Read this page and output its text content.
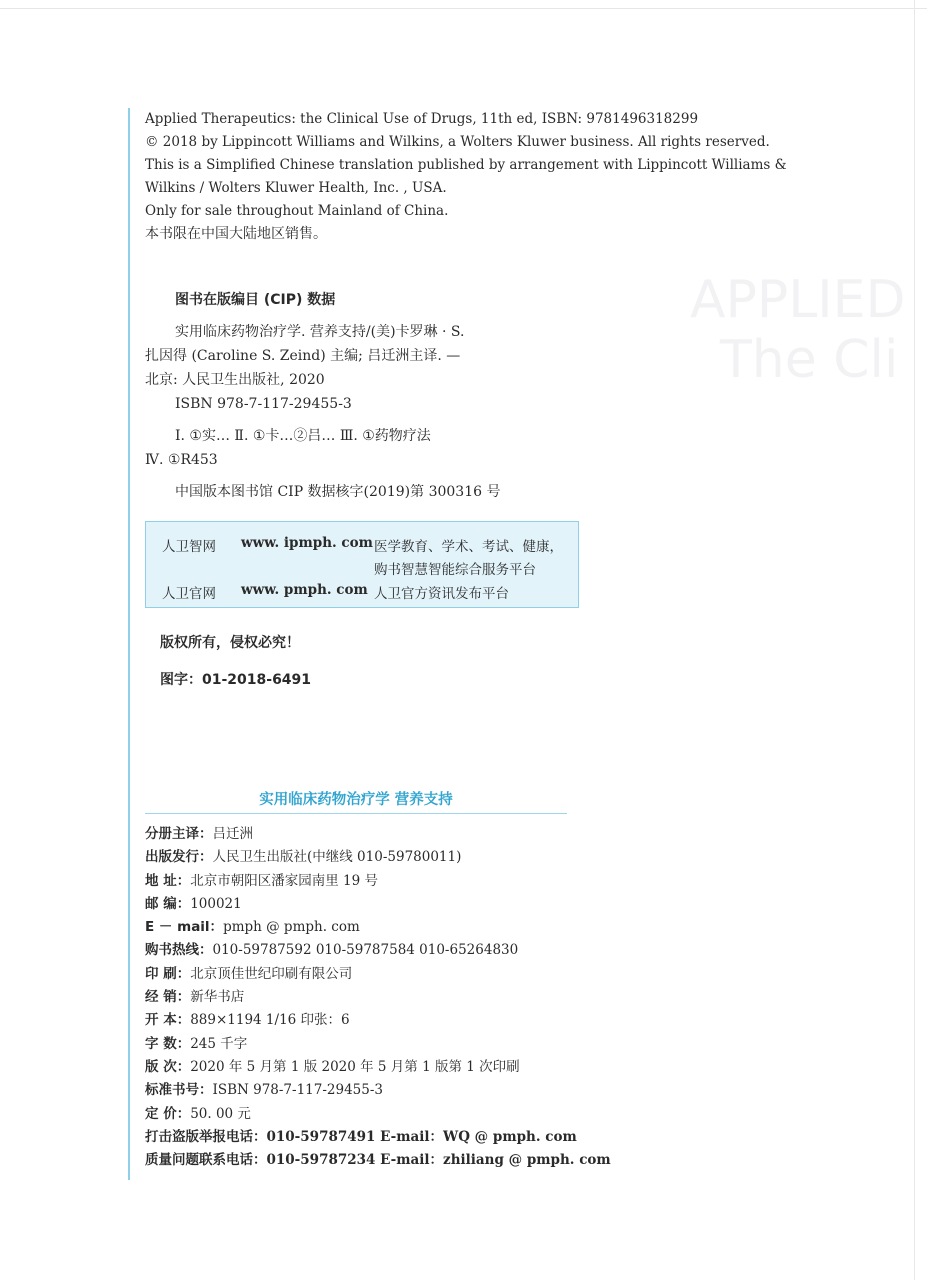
APPLIED
The Cli
Applied Therapeutics: the Clinical Use of Drugs, 11th ed, ISBN: 9781496318299
© 2018 by Lippincott Williams and Wilkins, a Wolters Kluwer business. All rights reserved.
This is a Simplified Chinese translation published by arrangement with Lippincott Williams &
Wilkins / Wolters Kluwer Health, Inc. , USA.
Only for sale throughout Mainland of China.
本书限在中国大陆地区销售。
图书在版编目 (CIP) 数据
实用临床药物治疗学. 营养支持/(美)卡罗琳 · S.
扎因得 (Caroline S. Zeind) 主编; 吕迁洲主译. —
北京: 人民卫生出版社, 2020
ISBN 978-7-117-29455-3
Ⅰ. ①实… Ⅱ. ①卡…②吕… Ⅲ. ①药物疗法
Ⅳ. ①R453
中国版本图书馆 CIP 数据核字(2019)第 300316 号
人卫智网 www. ipmph. com 医学教育、学术、考试、健康，
购书智慧智能综合服务平台
人卫官网 www. pmph. com 人卫官方资讯发布平台
版权所有，侵权必究！
图字：01-2018-6491
实用临床药物治疗学 营养支持
分册主译：吕迁洲
出版发行：人民卫生出版社(中继线 010-59780011)
地 址：北京市朝阳区潘家园南里 19 号
邮 编：100021
E － mail：pmph @ pmph. com
购书热线：010-59787592 010-59787584 010-65264830
印 刷：北京顶佳世纪印刷有限公司
经 销：新华书店
开 本：889×1194 1/16 印张：6
字 数：245 千字
版 次：2020 年 5 月第 1 版 2020 年 5 月第 1 版第 1 次印刷
标准书号：ISBN 978-7-117-29455-3
定 价：50. 00 元
打击盗版举报电话：010-59787491 E-mail：WQ @ pmph. com
质量问题联系电话：010-59787234 E-mail：zhiliang @ pmph. com
